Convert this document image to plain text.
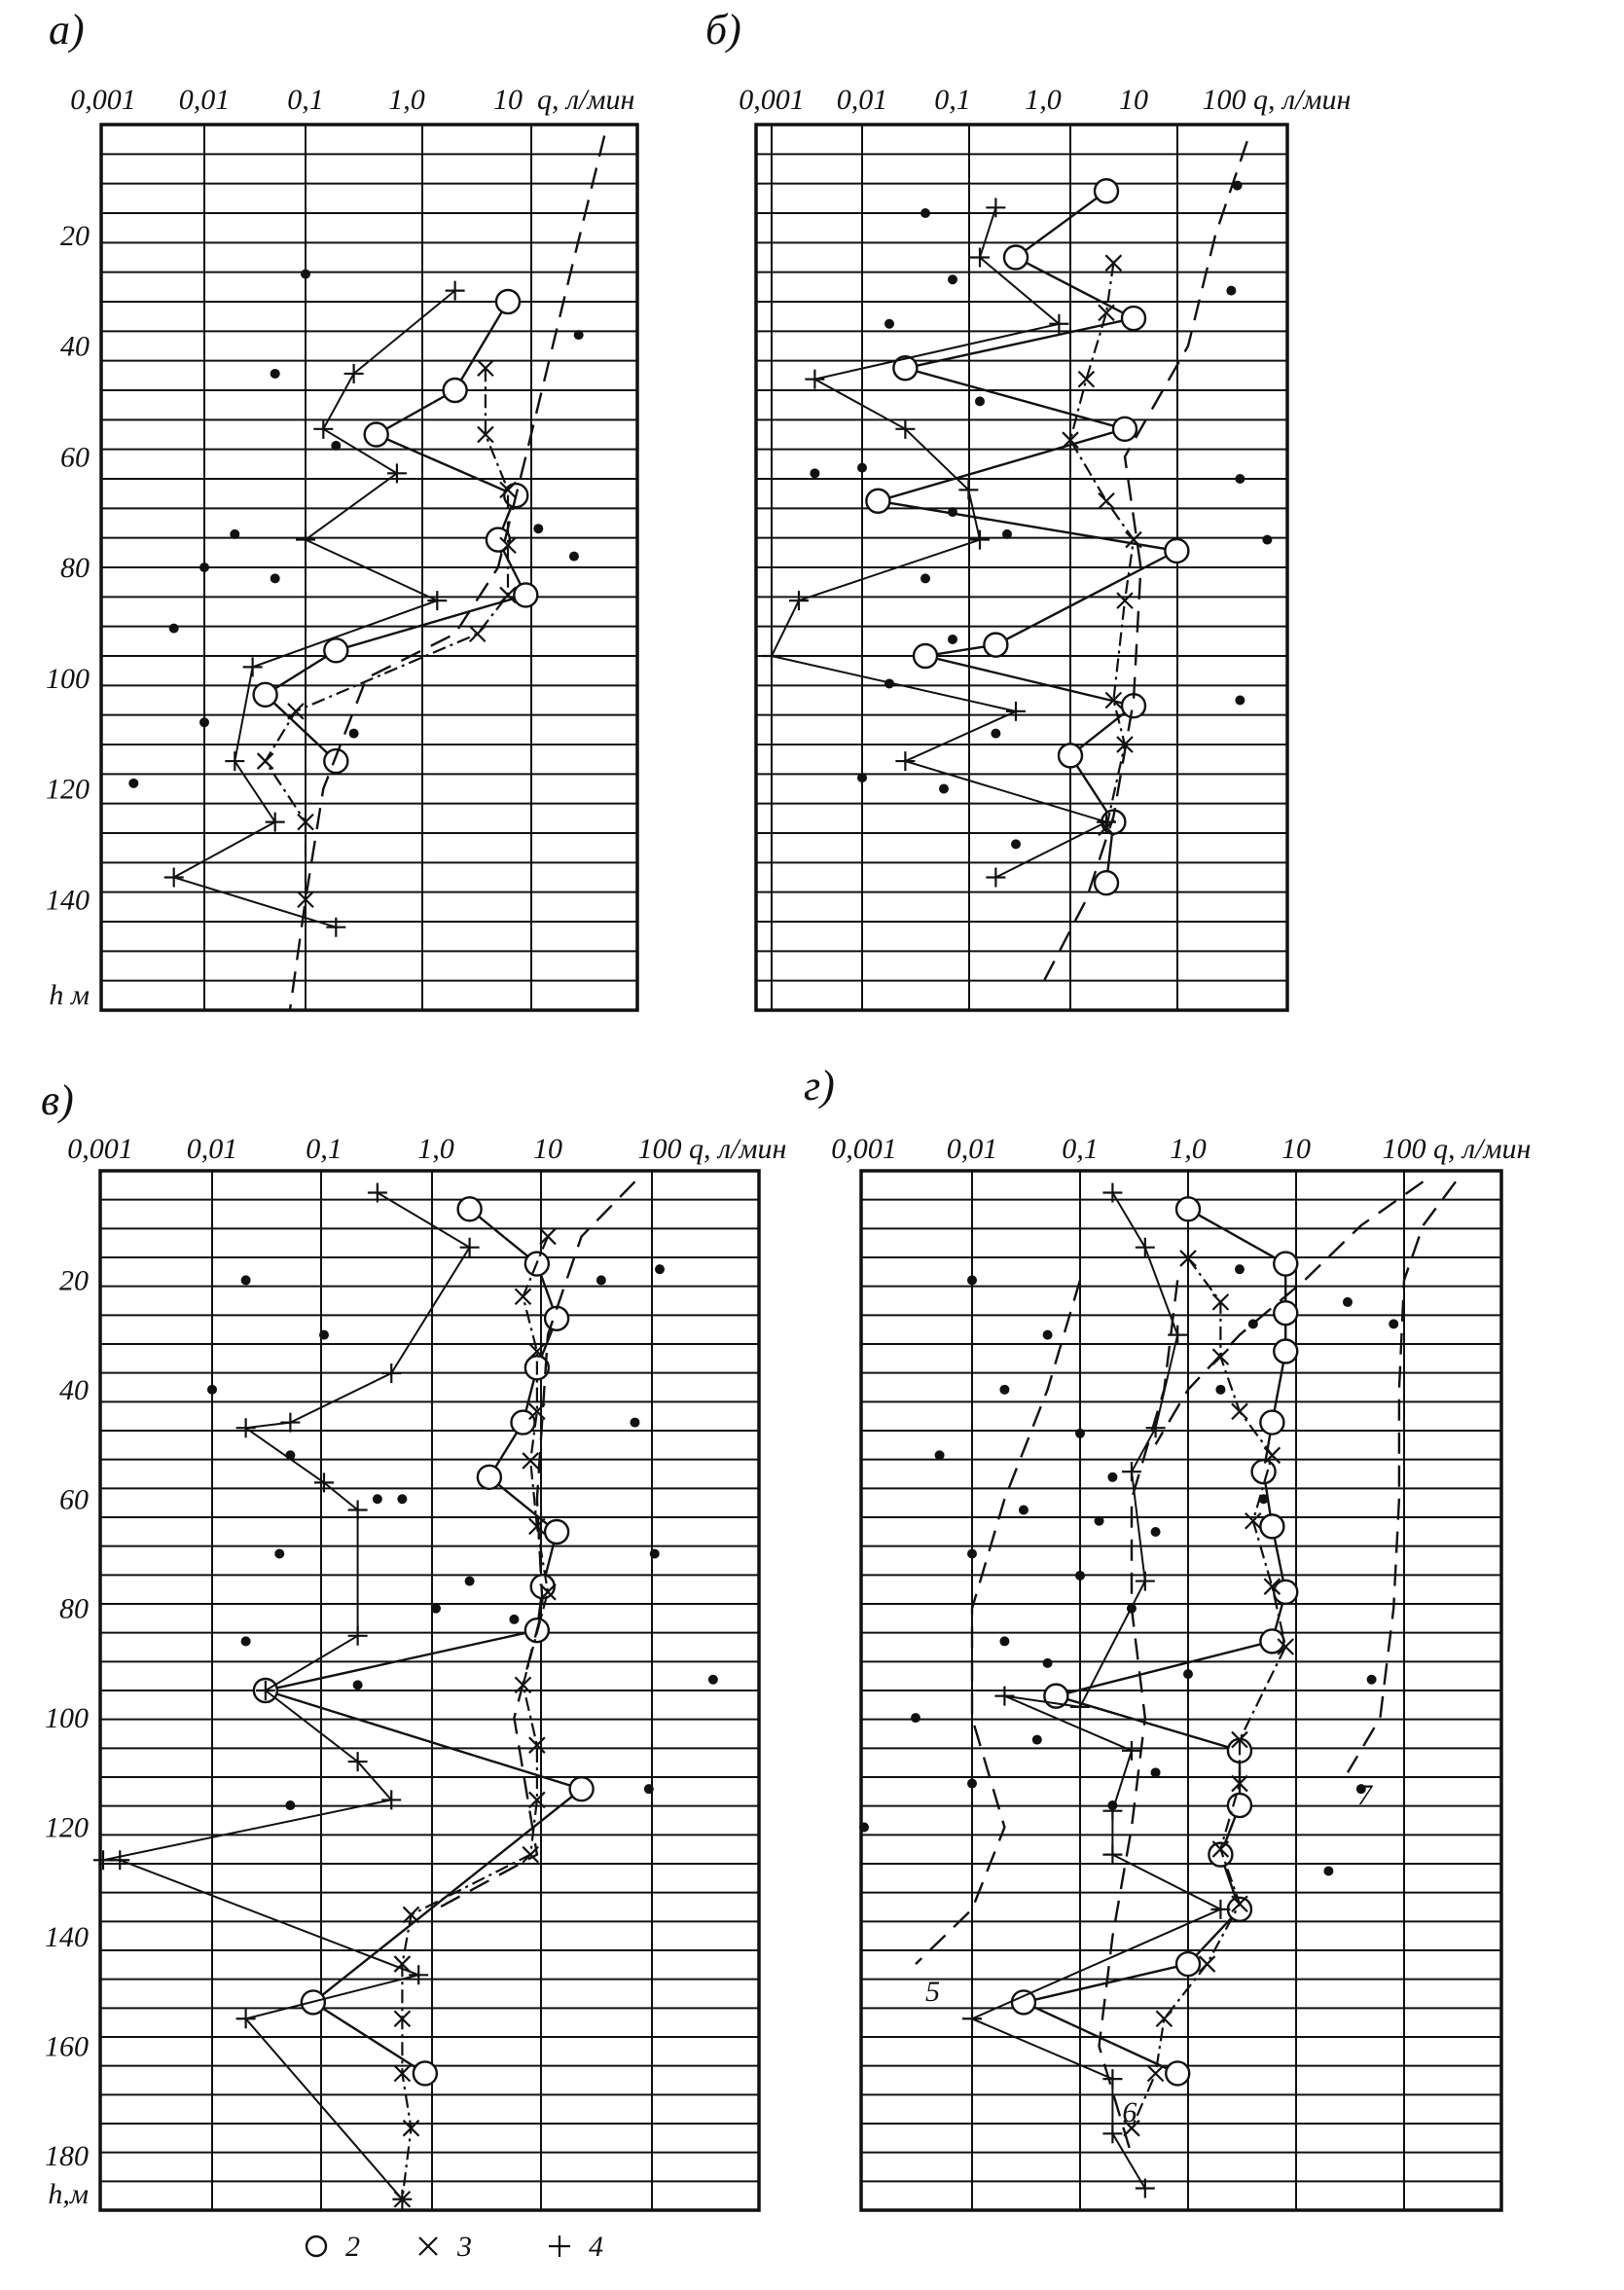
а)
0,001 0,01 0,1 1,0 10 q, л/мин
20
40
60
80
100
120
140
h м
б)
0,001 0,01 0,1 1,0 10 100 q, л/мин
в)
0,001 0,01 0,1	1,0	10	100 q, л/мин
20
40
60
80
100
120
140
160
180
h,м
г)
0,001 0,01 0,1 1,0	10 100 q, л/мин
5
6
7
2	3	4
